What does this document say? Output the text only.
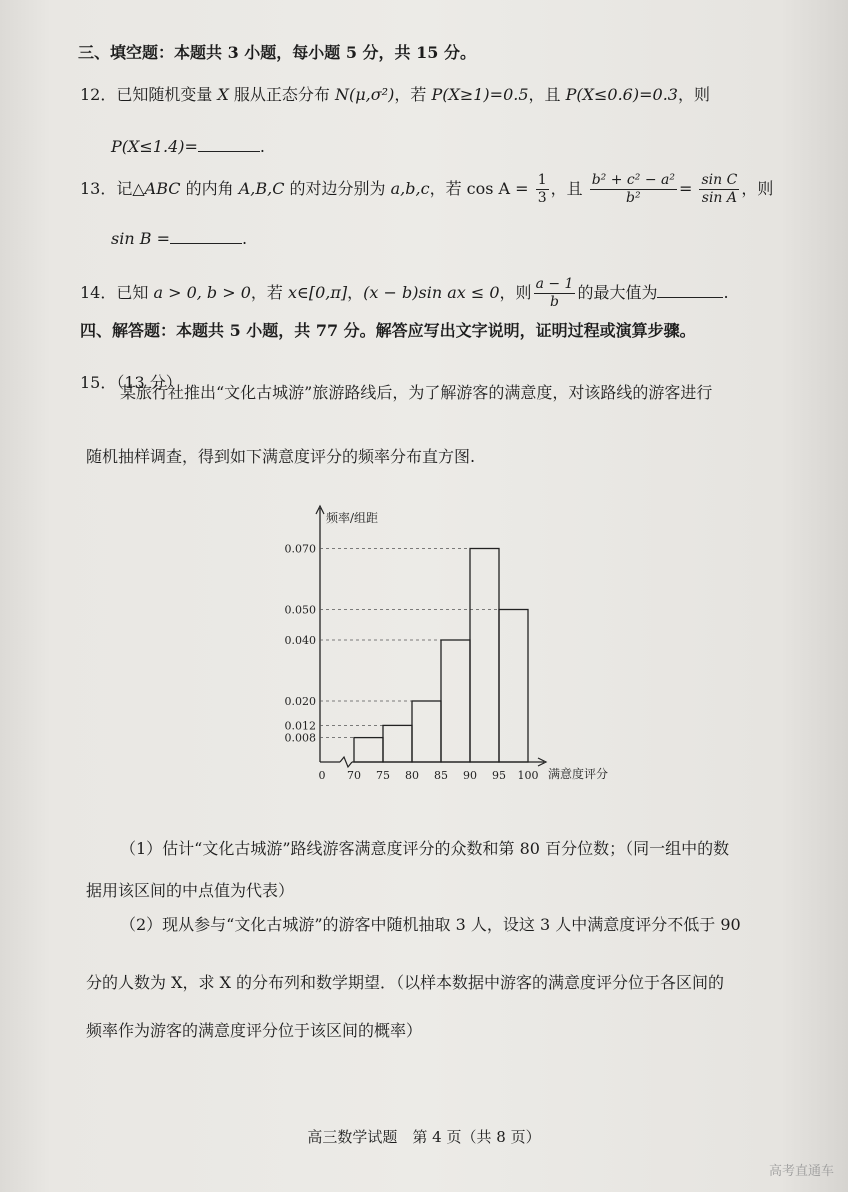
三、填空题：本题共 3 小题，每小题 5 分，共 15 分。
12．已知随机变量 X 服从正态分布 N(μ,σ²)，若 P(X≥1)=0.5，且 P(X≤0.6)=0.3，则
P(X≤1.4)=	.
13．记△ABC 的内角 A,B,C 的对边分别为 a,b,c，若 $\cos A = \frac{1}{3}$ ，且 $\frac{\text{b² + c² − a²}}{\text{b²}} = \frac{\text{sin C}}{\text{sin A}}$ ，则
sin B =	.
14．已知 a > 0, b > 0，若 x∈[0,π]，(x − b)sin ax ≤ 0，则 $\frac{a - 1}{b}$ 的最大值为	.
四、解答题：本题共 5 小题，共 77 分。解答应写出文字说明，证明过程或演算步骤。
15．（13 分）
某旅行社推出“文化古城游”旅游路线后，为了解游客的满意度，对该路线的游客进行
随机抽样调查，得到如下满意度评分的频率分布直方图.
频率/组距
满意度评分
0.008
0.012
0.020
0.040
0.050
0.070
0 70 75 80 85 90 95 100
（1）估计“文化古城游”路线游客满意度评分的众数和第 80 百分位数；（同一组中的数
据用该区间的中点值为代表）
（2）现从参与“文化古城游”的游客中随机抽取 3 人，设这 3 人中满意度评分不低于 90
分的人数为 X，求 X 的分布列和数学期望．（以样本数据中游客的满意度评分位于各区间的
频率作为游客的满意度评分位于该区间的概率）
高三数学试题　第 4 页（共 8 页）
高考直通车
